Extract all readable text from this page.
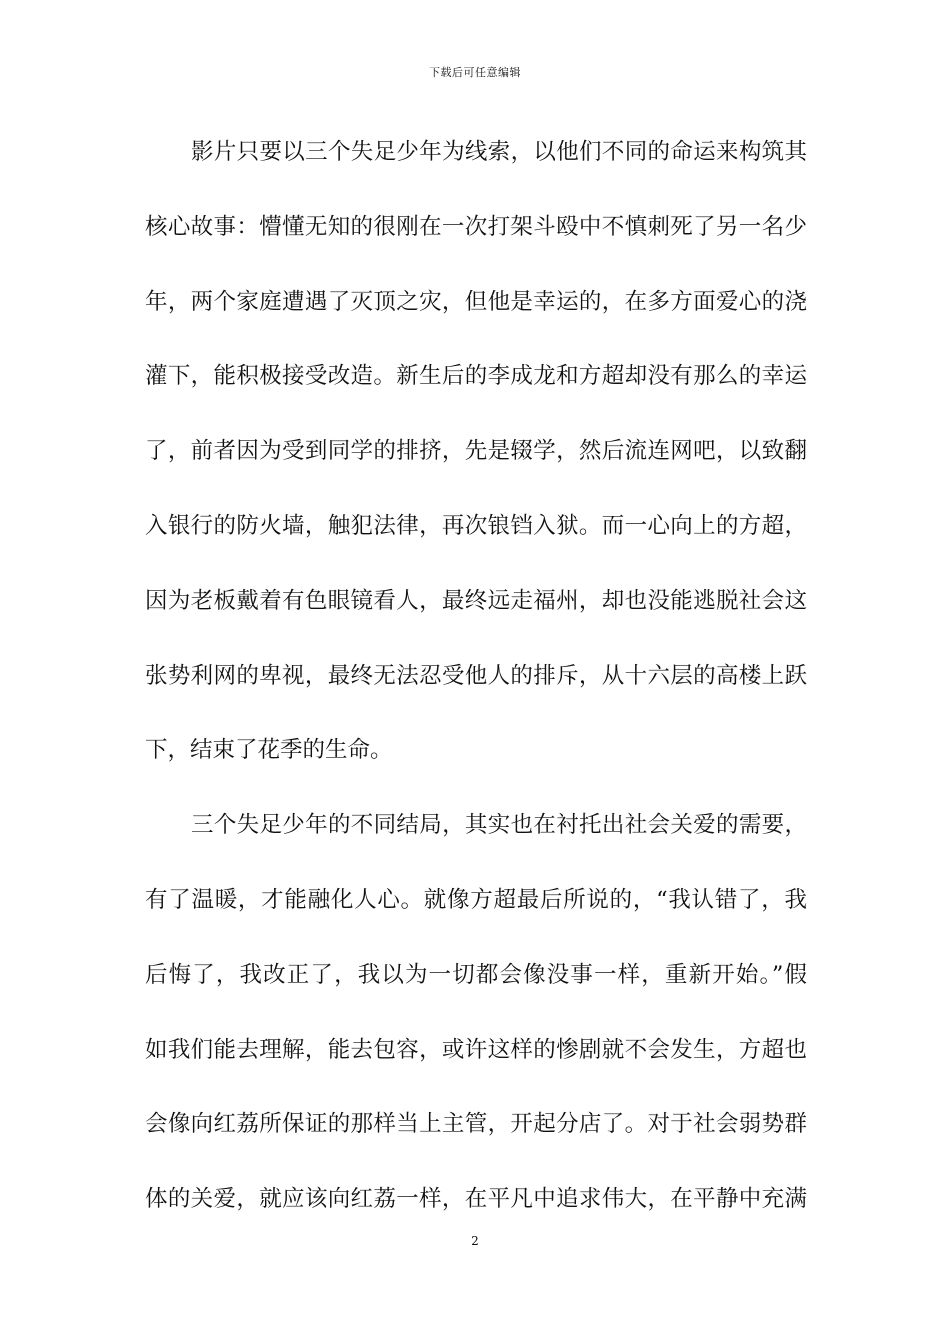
下载后可任意编辑
影片只要以三个失足少年为线索，以他们不同的命运来构筑其
核心故事：懵懂无知的很刚在一次打架斗殴中不慎刺死了另一名少
年，两个家庭遭遇了灭顶之灾，但他是幸运的，在多方面爱心的浇
灌下，能积极接受改造。新生后的李成龙和方超却没有那么的幸运
了，前者因为受到同学的排挤，先是辍学，然后流连网吧，以致翻
入银行的防火墙，触犯法律，再次锒铛入狱。而一心向上的方超，
因为老板戴着有色眼镜看人，最终远走福州，却也没能逃脱社会这
张势利网的卑视，最终无法忍受他人的排斥，从十六层的高楼上跃
下，结束了花季的生命。
三个失足少年的不同结局，其实也在衬托出社会关爱的需要，
有了温暖，才能融化人心。就像方超最后所说的，“我认错了，我
后悔了，我改正了，我以为一切都会像没事一样，重新开始。”假
如我们能去理解，能去包容，或许这样的惨剧就不会发生，方超也
会像向红荔所保证的那样当上主管，开起分店了。对于社会弱势群
体的关爱，就应该向红荔一样，在平凡中追求伟大，在平静中充满
2
